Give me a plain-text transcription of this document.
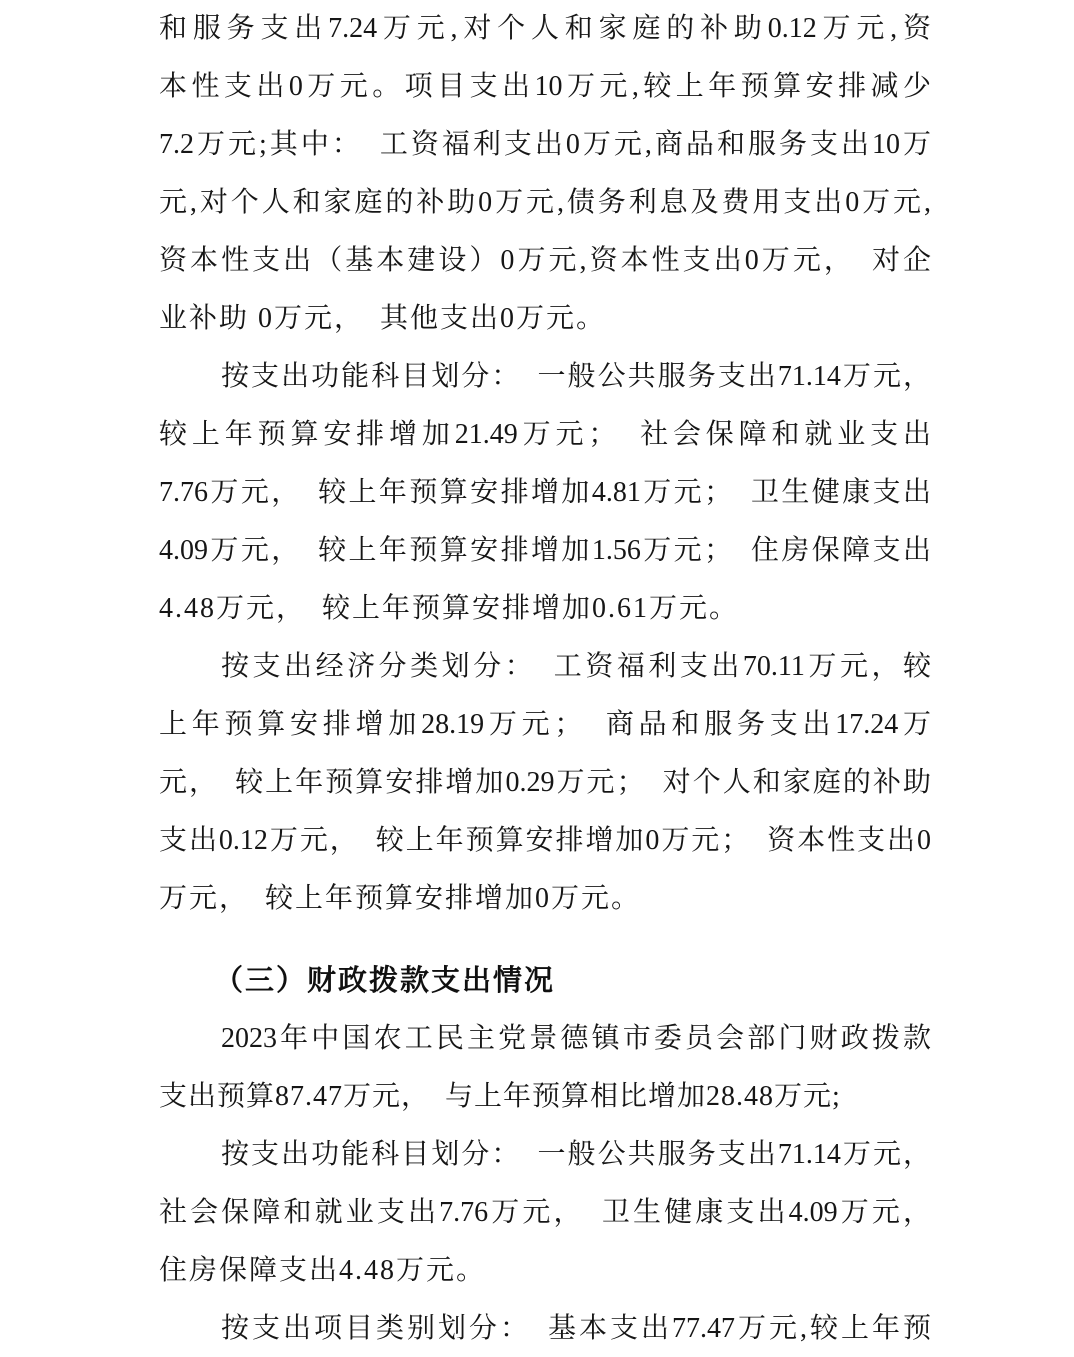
和服务支出7.24万元,对个人和家庭的补助0.12万元,资
本性支出0万元。项目支出10万元,较上年预算安排减少
7.2万元;其中：　工资福利支出0万元,商品和服务支出10万
元,对个人和家庭的补助0万元,债务利息及费用支出0万元,
资本性支出（基本建设）0万元,资本性支出0万元，　对企
业补助 0万元，　其他支出0万元。
按支出功能科目划分：　一般公共服务支出71.14万元，
较上年预算安排增加21.49万元；　社会保障和就业支出
7.76万元，　较上年预算安排增加4.81万元；　卫生健康支出
4.09万元，　较上年预算安排增加1.56万元；　住房保障支出
4.48万元，　较上年预算安排增加0.61万元。
按支出经济分类划分：　工资福利支出70.11万元，较
上年预算安排增加28.19万元；　商品和服务支出17.24万
元，　较上年预算安排增加0.29万元；　对个人和家庭的补助
支出0.12万元，　较上年预算安排增加0万元；　资本性支出0
万元，　较上年预算安排增加0万元。
（三）财政拨款支出情况
2023年中国农工民主党景德镇市委员会部门财政拨款
支出预算87.47万元，　与上年预算相比增加28.48万元;
按支出功能科目划分：　一般公共服务支出71.14万元，
社会保障和就业支出7.76万元，　卫生健康支出4.09万元，
住房保障支出4.48万元。
按支出项目类别划分：　基本支出77.47万元,较上年预
